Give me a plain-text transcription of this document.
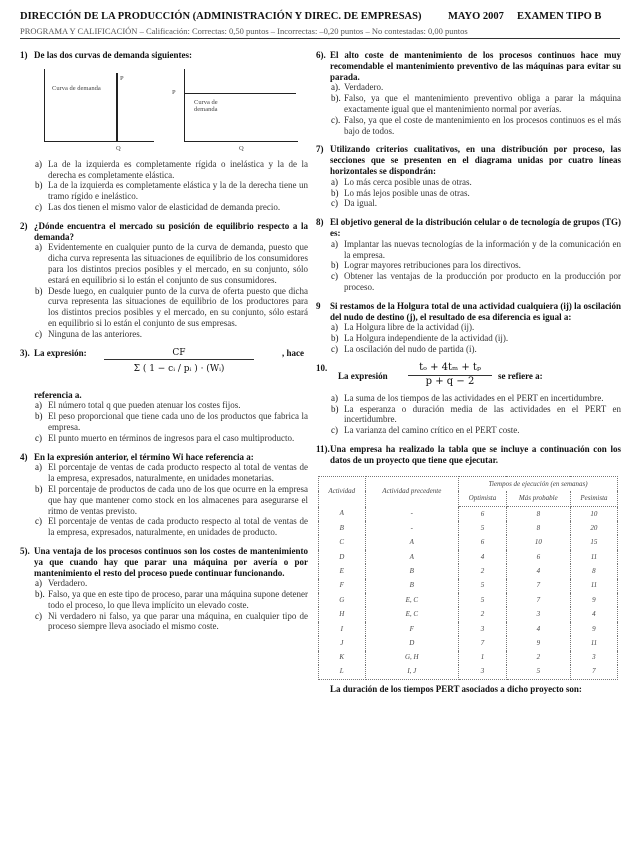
DIRECCIÓN DE LA PRODUCCIÓN (ADMINISTRACIÓN Y DIREC. DE EMPRESAS)	MAYO 2007 EXAMEN TIPO B
PROGRAMA Y CALIFICACIÓN – Calificación: Correctas: 0,50 puntos – Incorrectas: –0,20 puntos – No contestadas: 0,00 puntos
1) De las dos curvas de demanda siguientes:
Curva de demanda
P
Q
Curva de demanda
P
Q
a) La de la izquierda es completamente rígida o inelástica y la de la derecha es completamente elástica.
b) La de la izquierda es completamente elástica y la de la derecha tiene un tramo rígido e inelástico.
c) Las dos tienen el mismo valor de elasticidad de demanda precio.
2) ¿Dónde encuentra el mercado su posición de equilibrio respecto a la demanda?
a) Evidentemente en cualquier punto de la curva de demanda, puesto que dicha curva representa las situaciones de equilibrio de los consumidores para los distintos precios posibles y el mercado, en su conjunto, sólo estará en equilibrio si lo están el conjunto de sus consumidores.
b) Desde luego, en cualquier punto de la curva de oferta puesto que dicha curva representa las situaciones de equilibrio de los productores para los distintos precios posibles y el mercado, en su conjunto, sólo estará en equilibrio si lo están el conjunto de sus empresas.
c) Ninguna de las anteriores.
3). La expresión: $\frac{CF}{\text{Σ ( 1 − cᵢ / pᵢ ) · (Wᵢ)}}$	, hace
referencia a.
a) El número total q que pueden atenuar los costes fijos.
b) El peso proporcional que tiene cada uno de los productos que fabrica la empresa.
c) El punto muerto en términos de ingresos para el caso multiproducto.
4) En la expresión anterior, el término Wi hace referencia a:
a) El porcentaje de ventas de cada producto respecto al total de ventas de la empresa, expresados, naturalmente, en unidades monetarias.
b) El porcentaje de productos de cada uno de los que ocurre en la empresa que hay que mantener como stock en los almacenes para asegurarse el ritmo de ventas previsto.
c) El porcentaje de ventas de cada producto respecto al total de ventas de la empresa, expresados, naturalmente, en unidades de producto.
5). Una ventaja de los procesos continuos son los costes de mantenimiento ya que cuando hay que parar una máquina por avería o por mantenimiento el resto del proceso puede continuar funcionando.
a) Verdadero.
b). Falso, ya que en este tipo de proceso, parar una máquina supone detener todo el proceso, lo que lleva implícito un elevado coste.
c) Ni verdadero ni falso, ya que parar una máquina, en cualquier tipo de proceso siempre lleva asociado el mismo coste.
6). El alto coste de mantenimiento de los procesos continuos hace muy recomendable el mantenimiento preventivo de las máquinas para evitar su parada.
a). Verdadero.
b). Falso, ya que el mantenimiento preventivo obliga a parar la máquina exactamente igual que el mantenimiento normal por averías.
c). Falso, ya que el coste de mantenimiento en los procesos continuos es el más bajo de todos.
7) Utilizando criterios cualitativos, en una distribución por proceso, las secciones que se presenten en el diagrama unidas por cuatro líneas horizontales se dispondrán:
a) Lo más cerca posible unas de otras.
b) Lo más lejos posible unas de otras.
c) Da igual.
8) El objetivo general de la distribución celular o de tecnología de grupos (TG) es:
a) Implantar las nuevas tecnologías de la información y de la comunicación en la empresa.
b) Lograr mayores retribuciones para los directivos.
c) Obtener las ventajas de la producción por producto en la producción por proceso.
9 Si restamos de la Holgura total de una actividad cualquiera (ij) la oscilación del nudo de destino (j), el resultado de esa diferencia es igual a:
a) La Holgura libre de la actividad (ij).
b) La Holgura independiente de la actividad (ij).
c) La oscilación del nudo de partida (i).
10.
La expresión $\frac{\text{tₒ + 4tₘ + tₚ}}{p + q - 2}$ se refiere a:
a) La suma de los tiempos de las actividades en el PERT en incertidumbre.
b) La esperanza o duración media de las actividades en el PERT en incertidumbre.
c) La varianza del camino crítico en el PERT coste.
11). Una empresa ha realizado la tabla que se incluye a continuación con los datos de un proyecto que tiene que ejecutar.
Actividad	Actividad precedente	Tiempos de ejecución (en semanas)		
		Optimista	Más probable	Pesimista
A	-	6	8	10
B	-	5	8	20
C	A	6	10	15
D	A	4	6	11
E	B	2	4	8
F	B	5	7	11
G	E, C	5	7	9
H	E, C	2	3	4
I	F	3	4	9
J	D	7	9	11
K	G, H	1	2	3
L	I, J	3	5	7
La duración de los tiempos PERT asociados a dicho proyecto son:
